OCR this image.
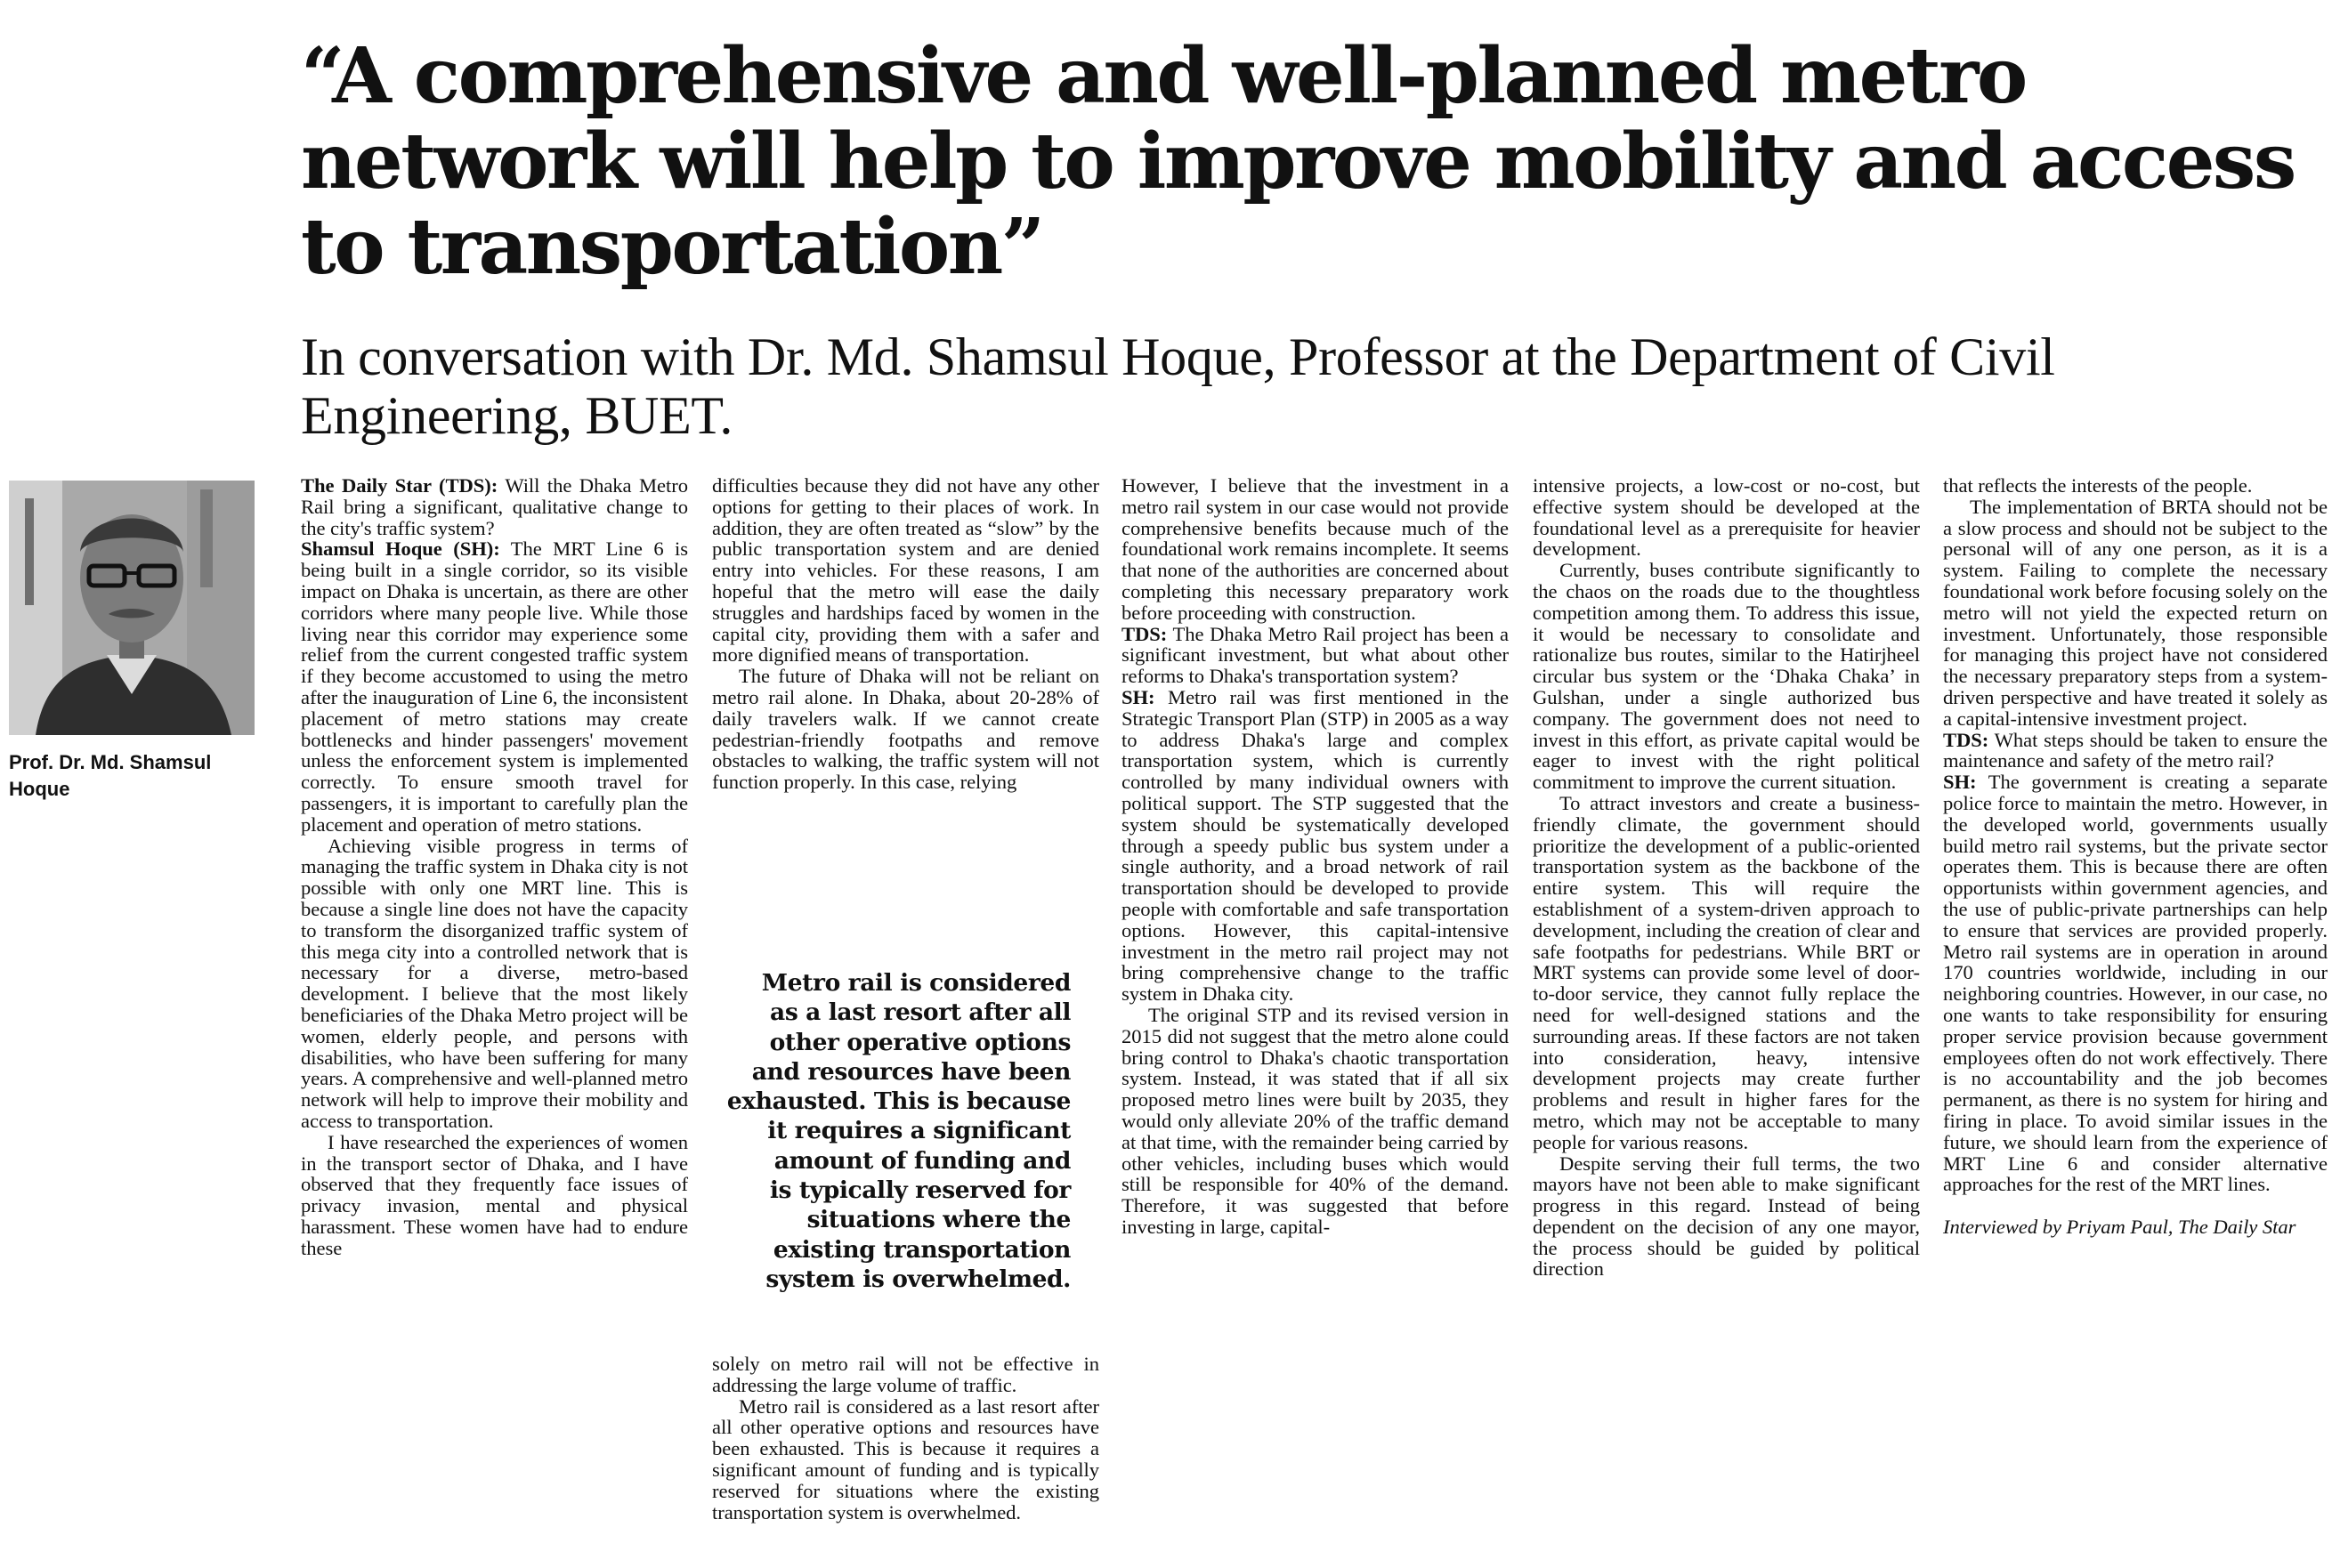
“A comprehensive and well-planned metro network will help to improve mobility and access to transportation”
In conversation with Dr. Md. Shamsul Hoque, Professor at the Department of Civil Engineering, BUET.
Prof. Dr. Md. Shamsul
Hoque

The Daily Star (TDS): Will the Dhaka Metro Rail bring a significant, qualitative change to the city's traffic system?

Shamsul Hoque (SH): The MRT Line 6 is being built in a single corridor, so its visible impact on Dhaka is uncertain, as there are other corridors where many people live. While those living near this corridor may experience some relief from the current congested traffic system if they become accustomed to using the metro after the inauguration of Line 6, the inconsistent placement of metro stations may create bottlenecks and hinder passengers' movement unless the enforcement system is implemented correctly. To ensure smooth travel for passengers, it is important to carefully plan the placement and operation of metro stations.

Achieving visible progress in terms of managing the traffic system in Dhaka city is not possible with only one MRT line. This is because a single line does not have the capacity to transform the disorganized traffic system of this mega city into a controlled network that is necessary for a diverse, metro-based development. I believe that the most likely beneficiaries of the Dhaka Metro project will be women, elderly people, and persons with disabilities, who have been suffering for many years. A comprehensive and well-planned metro network will help to improve their mobility and access to transportation.

I have researched the experiences of women in the transport sector of Dhaka, and I have observed that they frequently face issues of privacy invasion, mental and physical harassment. These women have had to endure these

difficulties because they did not have any other options for getting to their places of work. In addition, they are often treated as “slow” by the public transportation system and are denied entry into vehicles. For these reasons, I am hopeful that the metro will ease the daily struggles and hardships faced by women in the capital city, providing them with a safer and more dignified means of transportation.

The future of Dhaka will not be reliant on metro rail alone. In Dhaka, about 20-28% of daily travelers walk. If we cannot create pedestrian-friendly footpaths and remove obstacles to walking, the traffic system will not function properly. In this case, relying

Metro rail is considered
as a last resort after all
other operative options
and resources have been
exhausted. This is because
it requires a significant
amount of funding and
is typically reserved for
situations where the
existing transportation
system is overwhelmed.

solely on metro rail will not be effective in addressing the large volume of traffic.

Metro rail is considered as a last resort after all other operative options and resources have been exhausted. This is because it requires a significant amount of funding and is typically reserved for situations where the existing transportation system is overwhelmed.

However, I believe that the investment in a metro rail system in our case would not provide comprehensive benefits because much of the foundational work remains incomplete. It seems that none of the authorities are concerned about completing this necessary preparatory work before proceeding with construction.

TDS: The Dhaka Metro Rail project has been a significant investment, but what about other reforms to Dhaka's transportation system?

SH: Metro rail was first mentioned in the Strategic Transport Plan (STP) in 2005 as a way to address Dhaka's large and complex transportation system, which is currently controlled by many individual owners with political support. The STP suggested that the system should be systematically developed through a speedy public bus system under a single authority, and a broad network of rail transportation should be developed to provide people with comfortable and safe transportation options. However, this capital-intensive investment in the metro rail project may not bring comprehensive change to the traffic system in Dhaka city.

The original STP and its revised version in 2015 did not suggest that the metro alone could bring control to Dhaka's chaotic transportation system. Instead, it was stated that if all six proposed metro lines were built by 2035, they would only alleviate 20% of the traffic demand at that time, with the remainder being carried by other vehicles, including buses which would still be responsible for 40% of the demand. Therefore, it was suggested that before investing in large, capital-

intensive projects, a low-cost or no-cost, but effective system should be developed at the foundational level as a prerequisite for heavier development.

Currently, buses contribute significantly to the chaos on the roads due to the thoughtless competition among them. To address this issue, it would be necessary to consolidate and rationalize bus routes, similar to the Hatirjheel circular bus system or the ‘Dhaka Chaka’ in Gulshan, under a single authorized bus company. The government does not need to invest in this effort, as private capital would be eager to invest with the right political commitment to improve the current situation.

To attract investors and create a business-friendly climate, the government should prioritize the development of a public-oriented transportation system as the backbone of the entire system. This will require the establishment of a system-driven approach to development, including the creation of clear and safe footpaths for pedestrians. While BRT or MRT systems can provide some level of door-to-door service, they cannot fully replace the need for well-designed stations and the surrounding areas. If these factors are not taken into consideration, heavy, intensive development projects may create further problems and result in higher fares for the metro, which may not be acceptable to many people for various reasons.

Despite serving their full terms, the two mayors have not been able to make significant progress in this regard. Instead of being dependent on the decision of any one mayor, the process should be guided by political direction

that reflects the interests of the people.

The implementation of BRTA should not be a slow process and should not be subject to the personal will of any one person, as it is a system. Failing to complete the necessary foundational work before focusing solely on the metro will not yield the expected return on investment. Unfortunately, those responsible for managing this project have not considered the necessary preparatory steps from a system-driven perspective and have treated it solely as a capital-intensive investment project.

TDS: What steps should be taken to ensure the maintenance and safety of the metro rail?

SH: The government is creating a separate police force to maintain the metro. However, in the developed world, governments usually build metro rail systems, but the private sector operates them. This is because there are often opportunists within government agencies, and the use of public-private partnerships can help to ensure that services are provided properly. Metro rail systems are in operation in around 170 countries worldwide, including in our neighboring countries. However, in our case, no one wants to take responsibility for ensuring proper service provision because government employees often do not work effectively. There is no accountability and the job becomes permanent, as there is no system for hiring and firing in place. To avoid similar issues in the future, we should learn from the experience of MRT Line 6 and consider alternative approaches for the rest of the MRT lines.

Interviewed by Priyam Paul, The Daily Star
